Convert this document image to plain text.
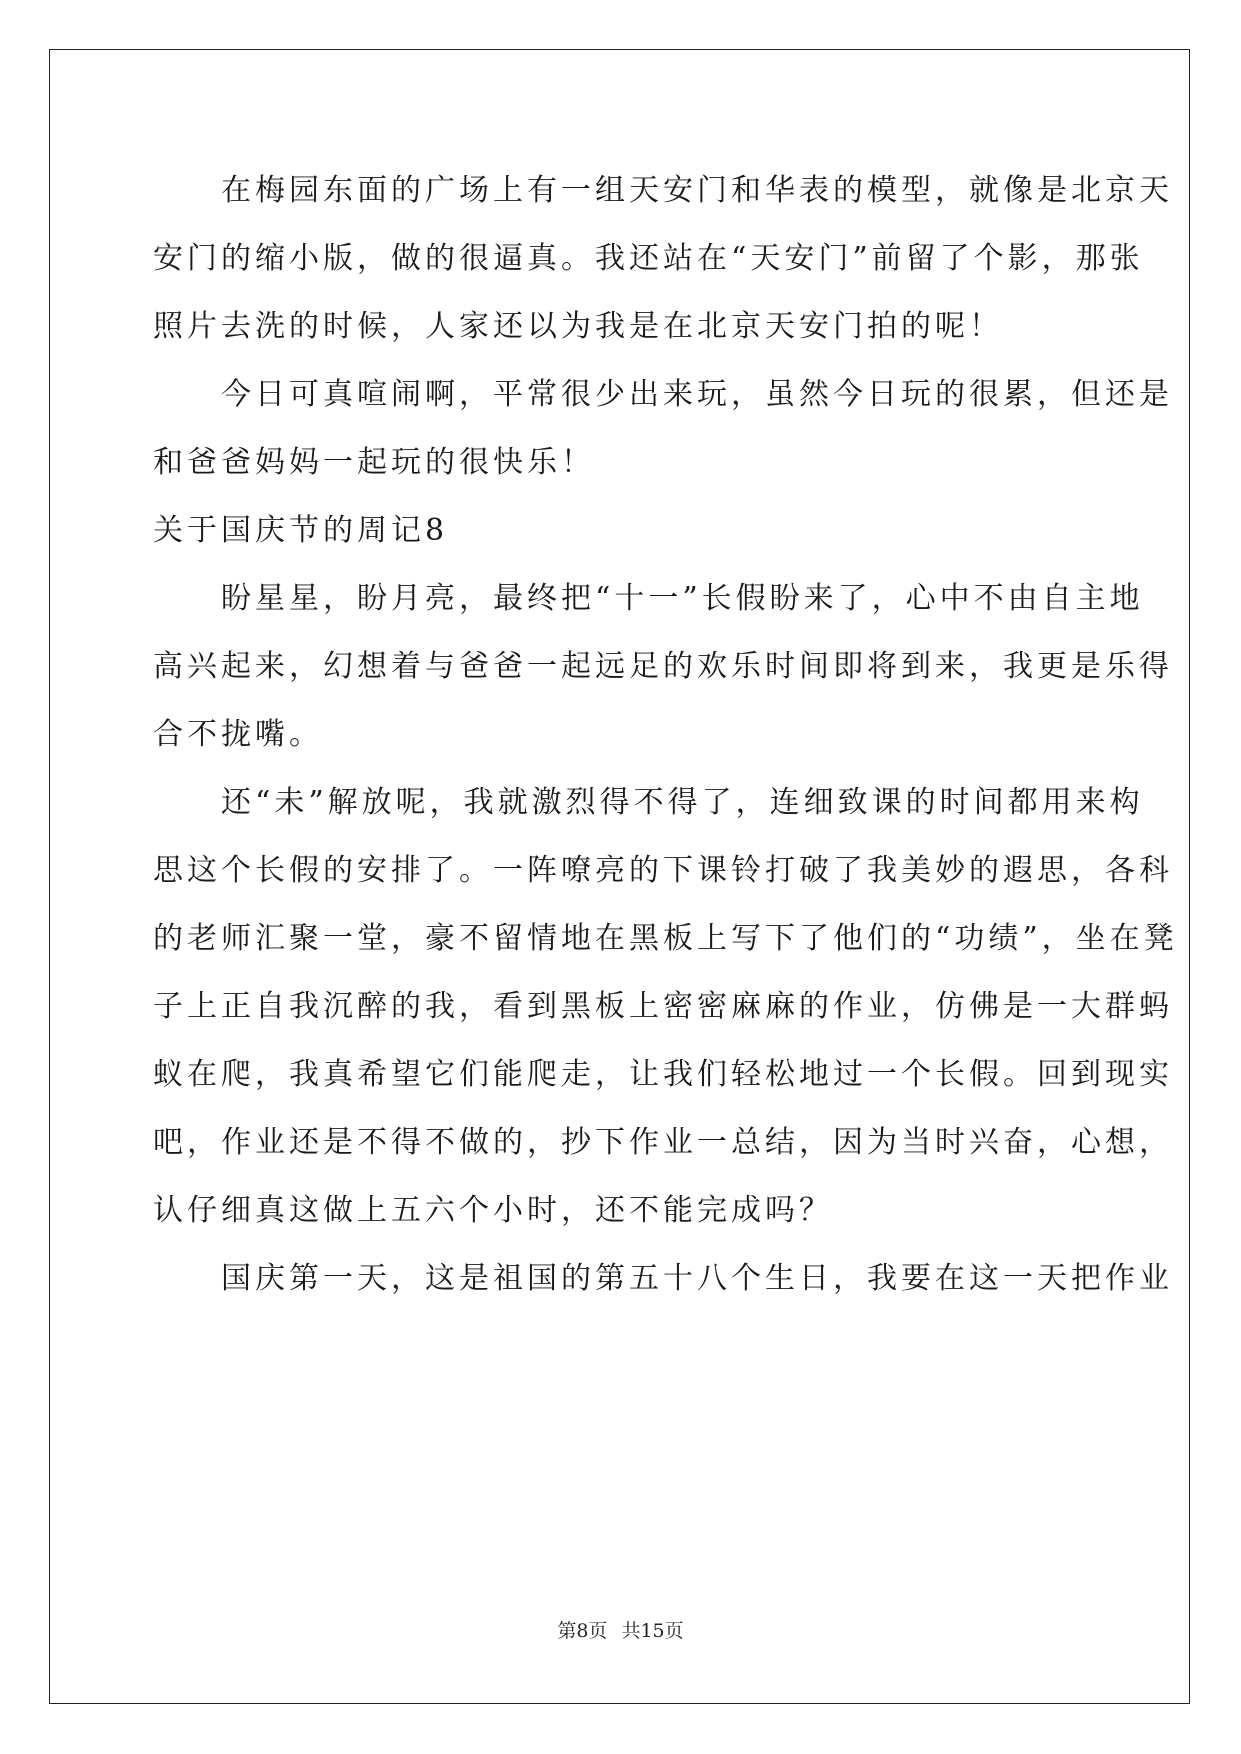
　　在梅园东面的广场上有一组天安门和华表的模型，就像是北京天
安门的缩小版，做的很逼真。我还站在“天安门”前留了个影，那张
照片去洗的时候，人家还以为我是在北京天安门拍的呢！
　　今日可真喧闹啊，平常很少出来玩，虽然今日玩的很累，但还是
和爸爸妈妈一起玩的很快乐！
关于国庆节的周记8
　　盼星星，盼月亮，最终把“十一”长假盼来了，心中不由自主地
高兴起来，幻想着与爸爸一起远足的欢乐时间即将到来，我更是乐得
合不拢嘴。
　　还“未”解放呢，我就激烈得不得了，连细致课的时间都用来构
思这个长假的安排了。一阵嘹亮的下课铃打破了我美妙的遐思，各科
的老师汇聚一堂，豪不留情地在黑板上写下了他们的“功绩”，坐在凳
子上正自我沉醉的我，看到黑板上密密麻麻的作业，仿佛是一大群蚂
蚁在爬，我真希望它们能爬走，让我们轻松地过一个长假。回到现实
吧，作业还是不得不做的，抄下作业一总结，因为当时兴奋，心想，
认仔细真这做上五六个小时，还不能完成吗？
　　国庆第一天，这是祖国的第五十八个生日，我要在这一天把作业
第8页 共15页
